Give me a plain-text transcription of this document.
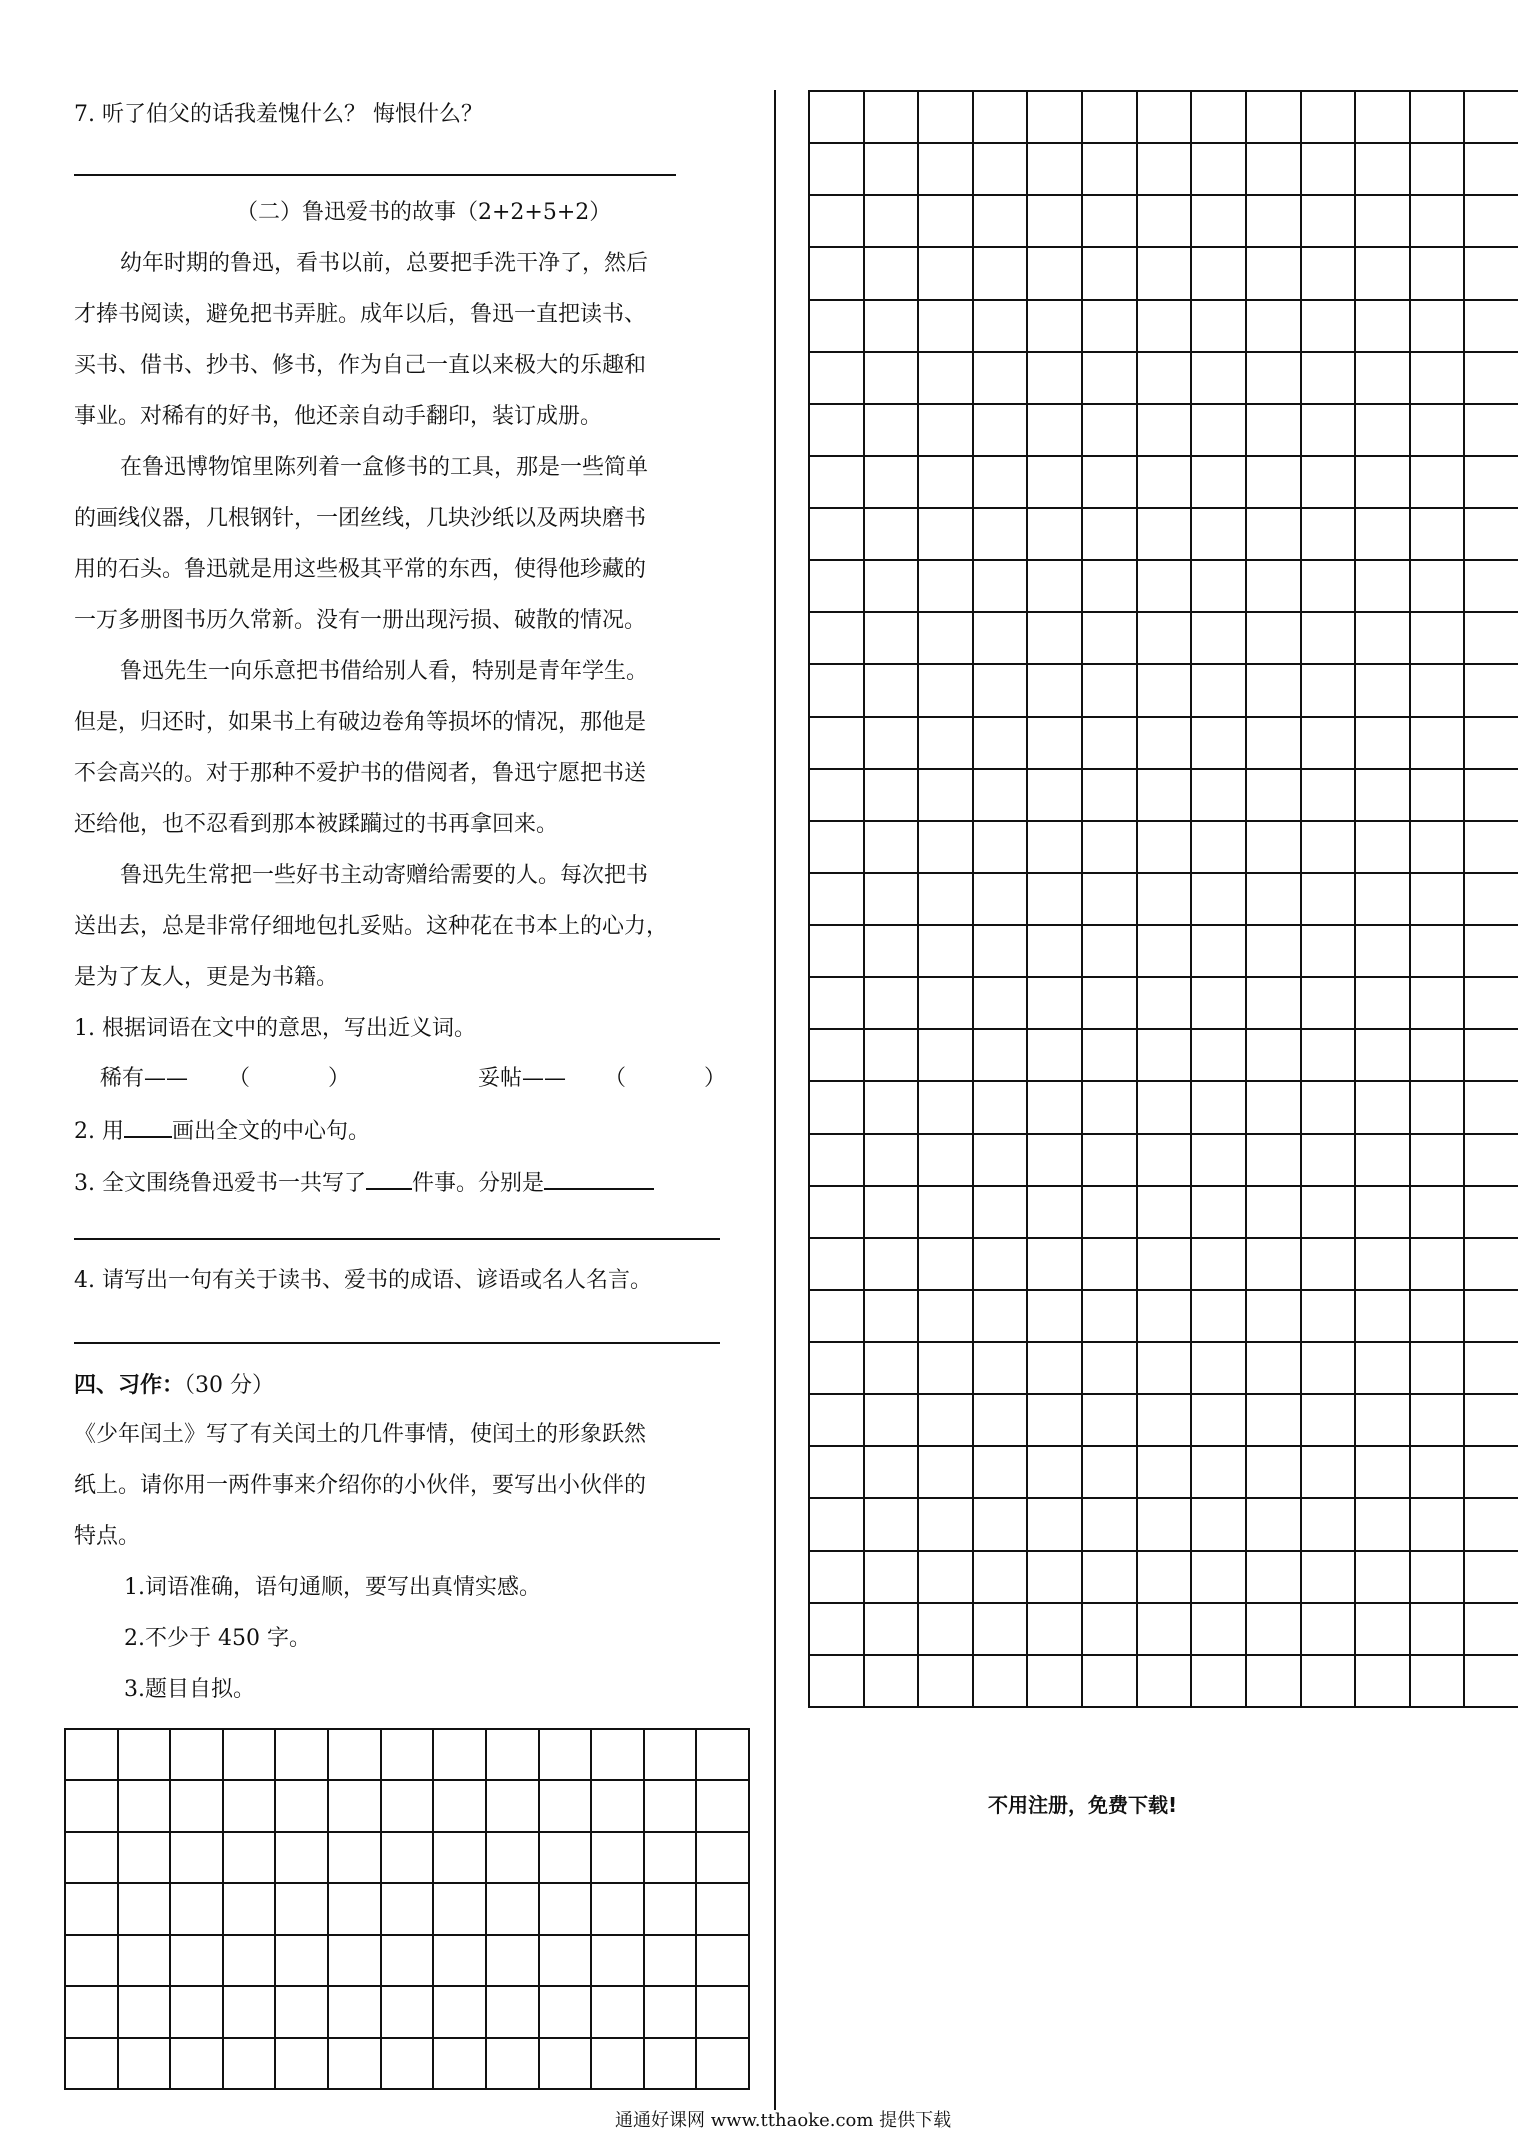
7. 听了伯父的话我羞愧什么？ 悔恨什么？
（二）鲁迅爱书的故事（2+2+5+2）
幼年时期的鲁迅，看书以前，总要把手洗干净了，然后
才捧书阅读，避免把书弄脏。成年以后，鲁迅一直把读书、
买书、借书、抄书、修书，作为自己一直以来极大的乐趣和
事业。对稀有的好书，他还亲自动手翻印，装订成册。
在鲁迅博物馆里陈列着一盒修书的工具，那是一些简单
的画线仪器，几根钢针，一团丝线，几块沙纸以及两块磨书
用的石头。鲁迅就是用这些极其平常的东西，使得他珍藏的
一万多册图书历久常新。没有一册出现污损、破散的情况。
鲁迅先生一向乐意把书借给别人看，特别是青年学生。
但是，归还时，如果书上有破边卷角等损坏的情况，那他是
不会高兴的。对于那种不爱护书的借阅者，鲁迅宁愿把书送
还给他，也不忍看到那本被蹂躏过的书再拿回来。
鲁迅先生常把一些好书主动寄赠给需要的人。每次把书
送出去，总是非常仔细地包扎妥贴。这种花在书本上的心力，
是为了友人，更是为书籍。
1. 根据词语在文中的意思，写出近义词。
稀有—— （	）	妥帖—— （	）
2. 用 画出全文的中心句。
3. 全文围绕鲁迅爱书一共写了 件事。分别是
4. 请写出一句有关于读书、爱书的成语、谚语或名人名言。
四、习作：（30 分）
《少年闰土》写了有关闰土的几件事情，使闰土的形象跃然
纸上。请你用一两件事来介绍你的小伙伴，要写出小伙伴的
特点。
1.词语准确，语句通顺，要写出真情实感。
2.不少于 450 字。
3.题目自拟。
不用注册，免费下载!
通通好课网 www.tthaoke.com 提供下载
